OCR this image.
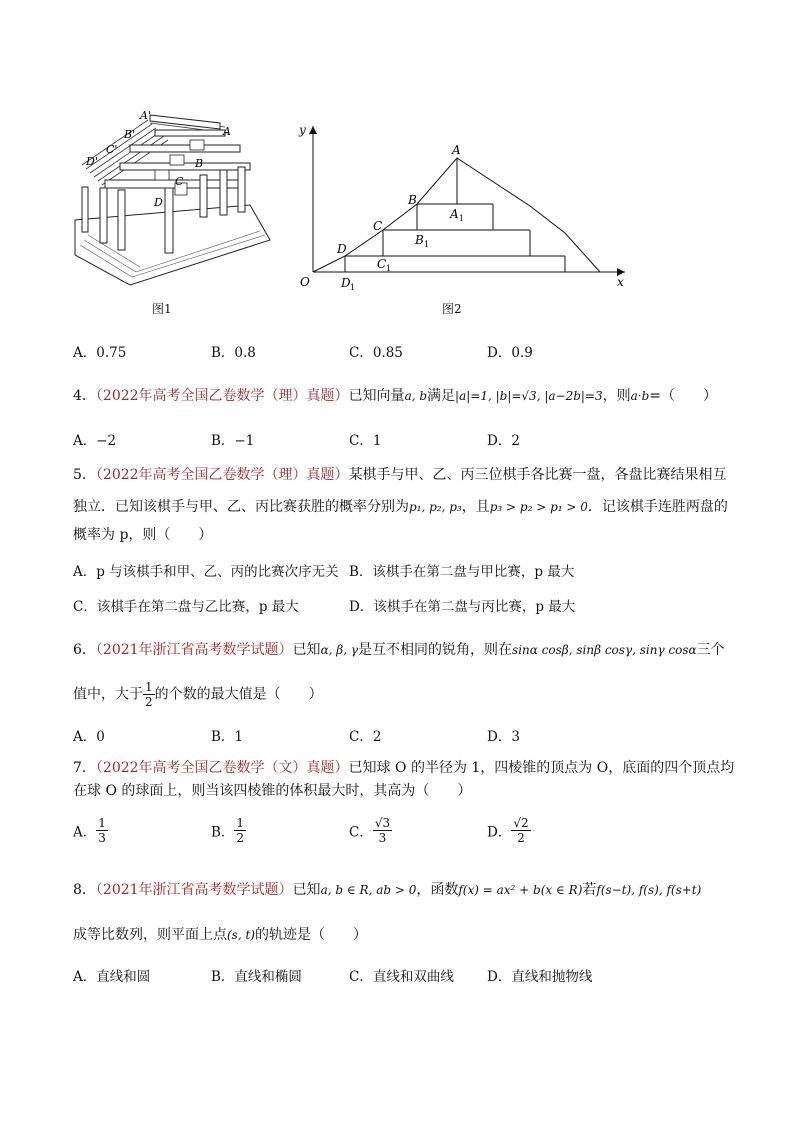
A'
B'
C'
D'
A
B
C
D
图1
y
x
O
A
B
C
D
A 1
B 1
C 1
D 1
图2
A．0.75	B．0.8	C．0.85	D．0.9
4．（2022年高考全国乙卷数学（理）真题）已知向量a, b满足|a|=1, |b|=√3, |a−2b|=3，则a·b=（　　）
A．−2	B．−1	C．1	D．2
5．（2022年高考全国乙卷数学（理）真题）某棋手与甲、乙、丙三位棋手各比赛一盘，各盘比赛结果相互
独立．已知该棋手与甲、乙、丙比赛获胜的概率分别为p₁, p₂, p₃，且p₃ > p₂ > p₁ > 0．记该棋手连胜两盘的
概率为 p，则（　　）
A．p 与该棋手和甲、乙、丙的比赛次序无关 B．该棋手在第二盘与甲比赛，p 最大
C．该棋手在第二盘与乙比赛，p 最大	D．该棋手在第二盘与丙比赛，p 最大
6．（2021年浙江省高考数学试题）已知α, β, γ是互不相同的锐角，则在sinα cosβ, sinβ cosγ, sinγ cosα三个
值中，大于 $\frac{1}{2}$ 的个数的最大值是（　　）
A．0	B．1	C．2	D．3
7．（2022年高考全国乙卷数学（文）真题）已知球 O 的半径为 1，四棱锥的顶点为 O，底面的四个顶点均
在球 O 的球面上，则当该四棱锥的体积最大时，其高为（　　）
A． $\frac{1}{3}$	B． $\frac{1}{2}$	C． $\frac{√3}{3}$	D． $\frac{√2}{2}$
8．（2021年浙江省高考数学试题）已知a, b ∈ R, ab > 0，函数f(x) = ax² + b(x ∈ R)若f(s−t), f(s), f(s+t)
成等比数列，则平面上点(s, t)的轨迹是（　　）
A．直线和圆	B．直线和椭圆	C．直线和双曲线 D．直线和抛物线
